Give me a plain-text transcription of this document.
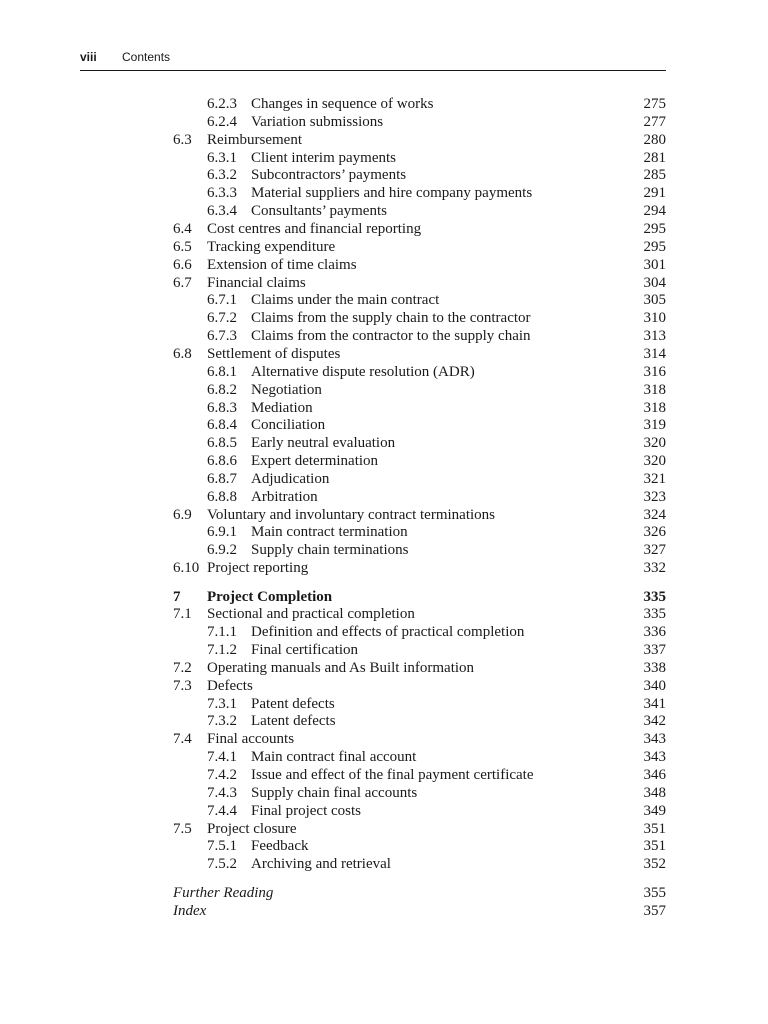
viii Contents
6.2.3 Changes in sequence of works	275
6.2.4 Variation submissions	277
6.3 Reimbursement	280
6.3.1 Client interim payments	281
6.3.2 Subcontractors’ payments	285
6.3.3 Material suppliers and hire company payments	291
6.3.4 Consultants’ payments	294
6.4 Cost centres and financial reporting	295
6.5 Tracking expenditure	295
6.6 Extension of time claims	301
6.7 Financial claims	304
6.7.1 Claims under the main contract	305
6.7.2 Claims from the supply chain to the contractor	310
6.7.3 Claims from the contractor to the supply chain	313
6.8 Settlement of disputes	314
6.8.1 Alternative dispute resolution (ADR)	316
6.8.2 Negotiation	318
6.8.3 Mediation	318
6.8.4 Conciliation	319
6.8.5 Early neutral evaluation	320
6.8.6 Expert determination	320
6.8.7 Adjudication	321
6.8.8 Arbitration	323
6.9 Voluntary and involuntary contract terminations	324
6.9.1 Main contract termination	326
6.9.2 Supply chain terminations	327
6.10 Project reporting	332
7 Project Completion	335
7.1 Sectional and practical completion	335
7.1.1 Definition and effects of practical completion	336
7.1.2 Final certification	337
7.2 Operating manuals and As Built information	338
7.3 Defects	340
7.3.1 Patent defects	341
7.3.2 Latent defects	342
7.4 Final accounts	343
7.4.1 Main contract final account	343
7.4.2 Issue and effect of the final payment certificate	346
7.4.3 Supply chain final accounts	348
7.4.4 Final project costs	349
7.5 Project closure	351
7.5.1 Feedback	351
7.5.2 Archiving and retrieval	352
Further Reading	355
Index	357
